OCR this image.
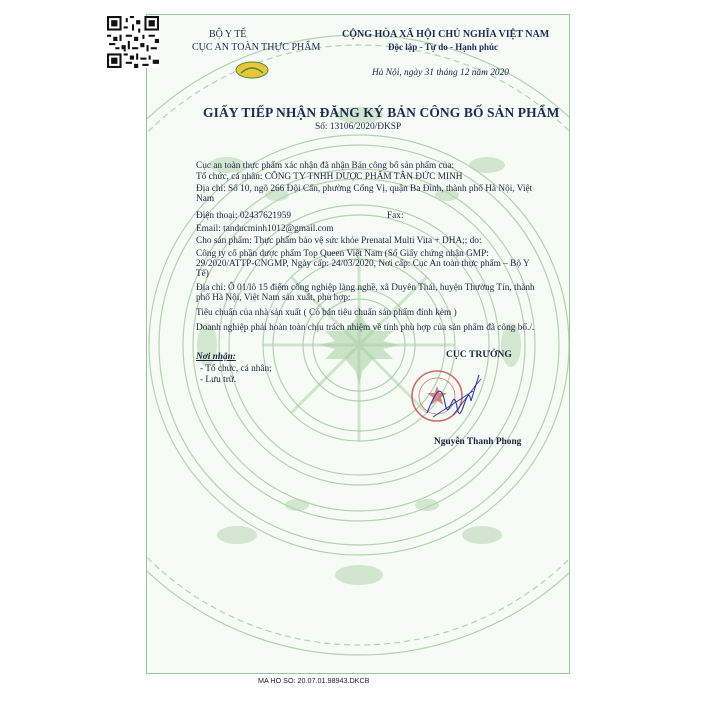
BỘ Y TẾ
CỤC AN TOÀN THỰC PHẨM
CỘNG HÒA XÃ HỘI CHỦ NGHĨA VIỆT NAM
Độc lập - Tự do - Hạnh phúc
Hà Nội, ngày 31 tháng 12 năm 2020
GIẤY TIẾP NHẬN ĐĂNG KÝ BẢN CÔNG BỐ SẢN PHẨM
Số: 13106/2020/ĐKSP
Cục an toàn thực phẩm xác nhận đã nhận Bản công bố sản phẩm của:
Tổ chức, cá nhân: CÔNG TY TNHH DƯỢC PHẨM TÂN ĐỨC MINH
Địa chỉ: Số 10, ngõ 266 Đội Cấn, phường Cống Vị, quận Ba Đình, thành phố Hà Nội, Việt
Nam
Điện thoại: 02437621959	Fax:
Email: tanducminh1012@gmail.com
Cho sản phẩm: Thực phẩm bảo vệ sức khỏe Prenatal Multi Vita + DHA;; do:
Công ty cổ phần dược phẩm Top Queen Việt Nam (Số Giấy chứng nhận GMP:
29/2020/ATTP-CNGMP, Ngày cấp: 24/03/2020, Nơi cấp: Cục An toàn thực phẩm – Bộ Y
Tế)
Địa chỉ: Ô 01/lô 15 điểm công nghiệp làng nghề, xã Duyên Thái, huyện Thường Tín, thành
phố Hà Nội, Việt Nam sản xuất, phù hợp:
Tiêu chuẩn của nhà sản xuất ( Có bản tiêu chuẩn sản phẩm đính kèm )
Doanh nghiệp phải hoàn toàn chịu trách nhiệm về tính phù hợp của sản phẩm đã công bố./.
Nơi nhận:
- Tổ chức, cá nhân;
- Lưu trữ.
CỤC TRƯỞNG
Nguyễn Thanh Phong
MA HO SO: 20.07.01.98943.DKCB
